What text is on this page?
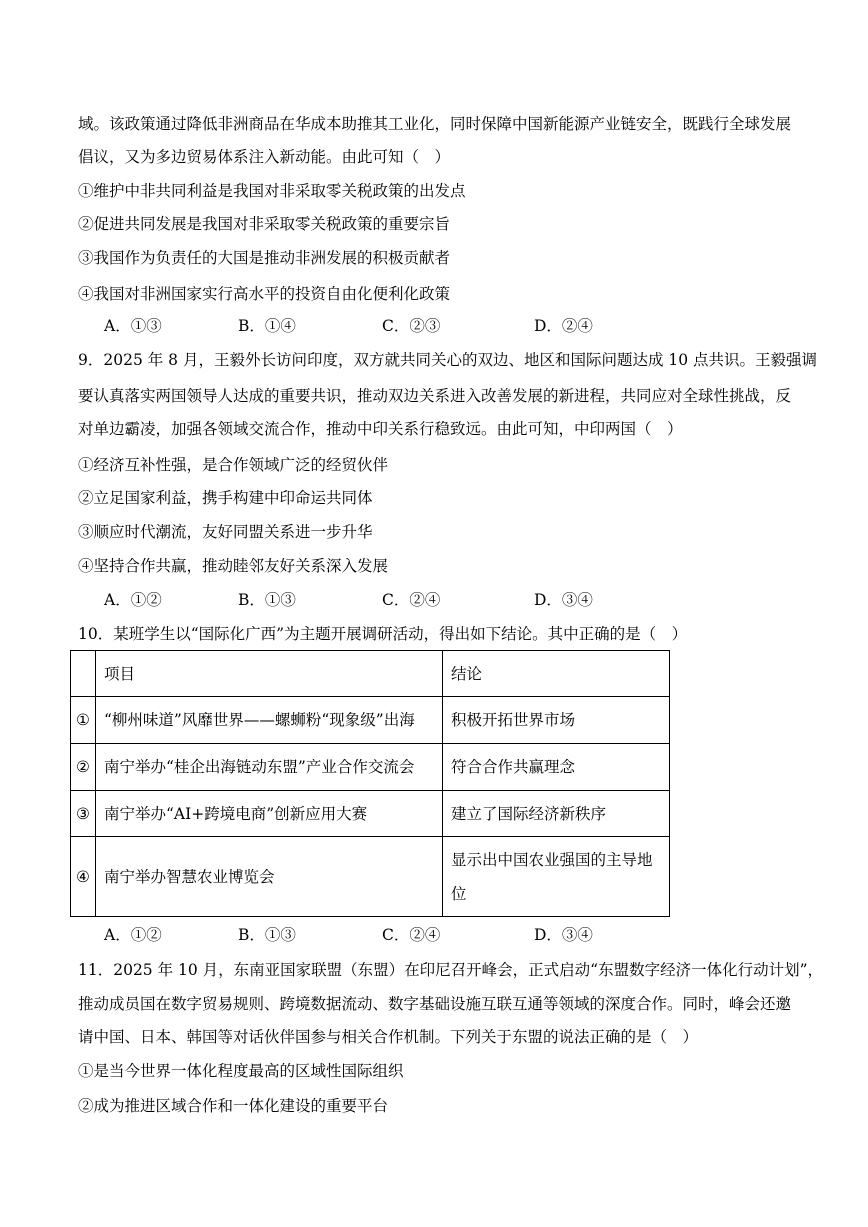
域。该政策通过降低非洲商品在华成本助推其工业化，同时保障中国新能源产业链安全，既践行全球发展
倡议，又为多边贸易体系注入新动能。由此可知（　）
①维护中非共同利益是我国对非采取零关税政策的出发点
②促进共同发展是我国对非采取零关税政策的重要宗旨
③我国作为负责任的大国是推动非洲发展的积极贡献者
④我国对非洲国家实行高水平的投资自由化便利化政策
A．①③	B．①④	C．②③	D．②④
9．2025 年 8 月，王毅外长访问印度，双方就共同关心的双边、地区和国际问题达成 10 点共识。王毅强调
要认真落实两国领导人达成的重要共识，推动双边关系进入改善发展的新进程，共同应对全球性挑战，反
对单边霸凌，加强各领域交流合作，推动中印关系行稳致远。由此可知，中印两国（　）
①经济互补性强，是合作领域广泛的经贸伙伴
②立足国家利益，携手构建中印命运共同体
③顺应时代潮流，友好同盟关系进一步升华
④坚持合作共赢，推动睦邻友好关系深入发展
A．①②	B．①③	C．②④	D．③④
10．某班学生以“国际化广西”为主题开展调研活动，得出如下结论。其中正确的是（　）
	项目	结论
①	“柳州味道”风靡世界——螺蛳粉“现象级”出海	积极开拓世界市场
②	南宁举办“桂企出海链动东盟”产业合作交流会	符合合作共赢理念
③	南宁举办“AI+跨境电商”创新应用大赛	建立了国际经济新秩序
④	南宁举办智慧农业博览会	显示出中国农业强国的主导地
位
A．①②	B．①③	C．②④	D．③④
11．2025 年 10 月，东南亚国家联盟（东盟）在印尼召开峰会，正式启动“东盟数字经济一体化行动计划”，
推动成员国在数字贸易规则、跨境数据流动、数字基础设施互联互通等领域的深度合作。同时，峰会还邀
请中国、日本、韩国等对话伙伴国参与相关合作机制。下列关于东盟的说法正确的是（　）
①是当今世界一体化程度最高的区域性国际组织
②成为推进区域合作和一体化建设的重要平台
